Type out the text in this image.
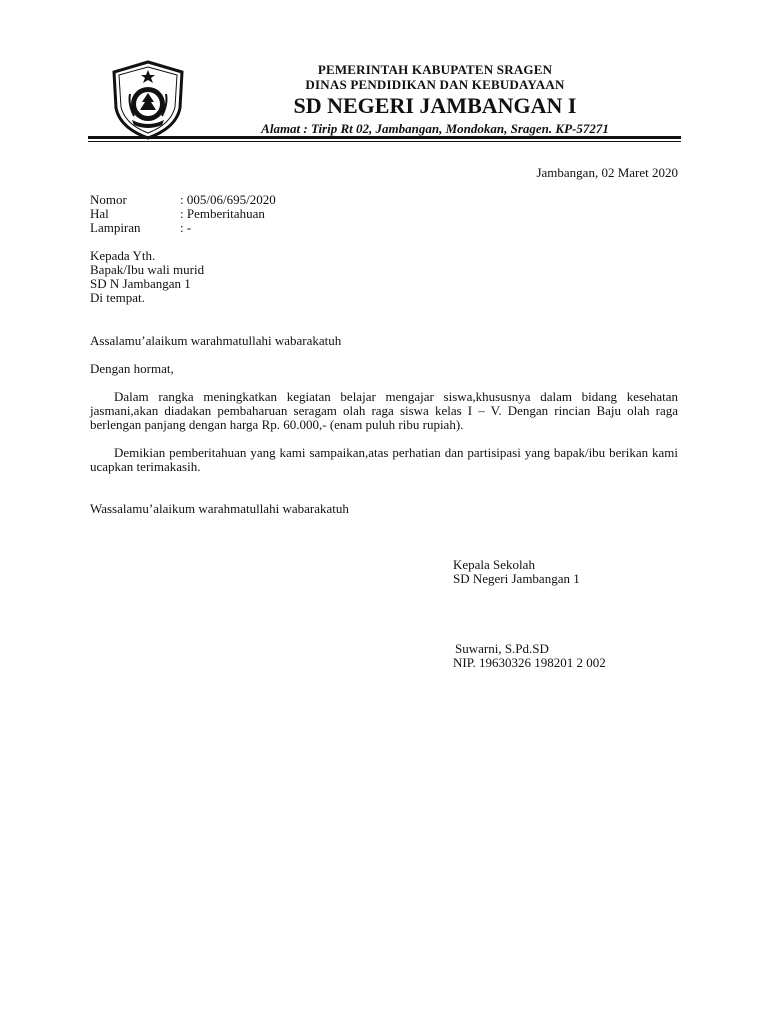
PEMERINTAH KABUPATEN SRAGEN
DINAS PENDIDIKAN DAN KEBUDAYAAN
SD NEGERI JAMBANGAN I
Alamat : Tirip Rt 02, Jambangan, Mondokan, Sragen. KP-57271
Jambangan, 02 Maret 2020
Nomor	: 005/06/695/2020
Hal	: Pemberitahuan
Lampiran	: -
Kepada Yth.
Bapak/Ibu wali murid
SD N Jambangan 1
Di tempat.
Assalamu’alaikum warahmatullahi wabarakatuh
Dengan hormat,
Dalam rangka meningkatkan kegiatan belajar mengajar siswa,khususnya dalam bidang kesehatan jasmani,akan diadakan pembaharuan seragam olah raga siswa kelas I – V. Dengan rincian Baju olah raga berlengan panjang dengan harga Rp. 60.000,- (enam puluh ribu rupiah).
Demikian pemberitahuan yang kami sampaikan,atas perhatian dan partisipasi yang bapak/ibu berikan kami ucapkan terimakasih.
Wassalamu’alaikum warahmatullahi wabarakatuh
Kepala Sekolah
SD Negeri Jambangan 1
Suwarni, S.Pd.SD
NIP. 19630326 198201 2 002
